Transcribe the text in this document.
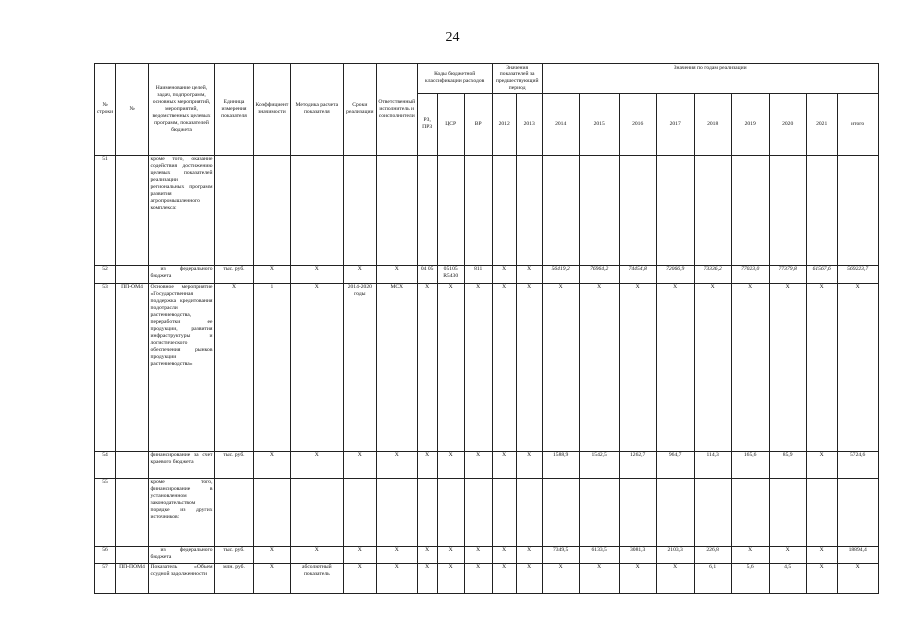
24
№ строки	№	Наименование целей, задач, подпрограмм, основных мероприятий, мероприятий, ведомственных целевых программ, показателей бюджета	Единица измерения показателя	Коэффициент значимости	Методика расчета показателя	Сроки реализации	Ответственный исполнитель и соисполнители	Коды бюджетной классификации расходов			Значения показателей за предшествующий период		Значения по годам реализации								
								РЗ, ПРЗ	ЦСР	ВР	2012	2013	2014	2015	2016	2017	2018	2019	2020	2021	итого
51		кроме того, оказание содействия достижению целевых показателей реализации региональных программ развития агропромышленного комплекса:																			
52		из федерального бюджета	тыс. руб.	X	X	X	X	04 05	05105 R5430	811	X	X	56419,2	76964,2	74454,8	72066,9	73336,2	77023,0	77379,8	61567,6	569223,7
53	ПП-ОМ4	Основное мероприятие «Государственная поддержка кредитования подотрасли растениеводства, переработки ее продукции, развития инфраструктуры и логистического обеспечения рынков продукции растениеводства»	X	1	X	2014-2020 годы	МСХ	X	X	X	X	X	X	X	X	X	X	X	X	X	X
54		финансирование за счет краевого бюджета	тыс. руб.	X	X	X	X	X	X	X	X	X	1588,9	1542,5	1262,7	964,7	114,3	165,6	85,9	X	5724,6
55		кроме того, финансирование в установленном законодательством порядке из других источников:																			
56		из федерального бюджета	тыс. руб.	X	X	X	X	X	X	X	X	X	7349,5	6133,5	3081,3	2103,3	226,8	X	X	X	18894,4
57	ПП-ПОМ4	Показатель «Объем ссудной задолженности	млн. руб.	X	абсолютный показатель	X	X	X	X	X	X	X	X	X	X	X	6,1	5,6	4,5	X	X
